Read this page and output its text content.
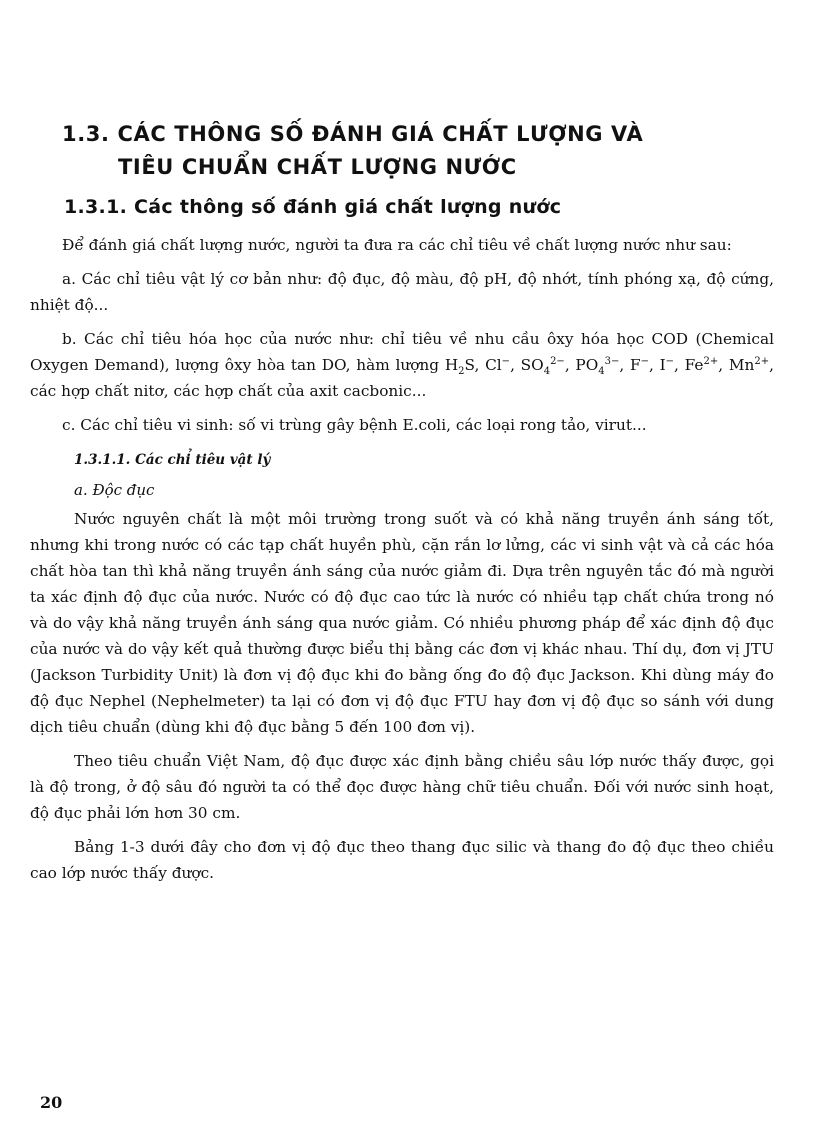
1.3. CÁC THÔNG SỐ ĐÁNH GIÁ CHẤT LƯỢNG VÀ
TIÊU CHUẨN CHẤT LƯỢNG NƯỚC
1.3.1. Các thông số đánh giá chất lượng nước

Để đánh giá chất lượng nước, người ta đưa ra các chỉ tiêu về chất lượng nước như sau:

a. Các chỉ tiêu vật lý cơ bản như: độ đục, độ màu, độ pH, độ nhớt, tính phóng xạ, độ cứng, nhiệt độ...

b. Các chỉ tiêu hóa học của nước như: chỉ tiêu về nhu cầu ôxy hóa học COD (Chemical Oxygen Demand), lượng ôxy hòa tan DO, hàm lượng $H_2S$, Cl−, $SO_4^{2-}$, $PO_4^{3-}$, F−, I−, $Fe^{2+}$, $Mn^{2+}$, các hợp chất nitơ, các hợp chất của axit cacbonic...

c. Các chỉ tiêu vi sinh: số vi trùng gây bệnh E.coli, các loại rong tảo, virut...

1.3.1.1. Các chỉ tiêu vật lý
a. Độc đục

Nước nguyên chất là một môi trường trong suốt và có khả năng truyền ánh sáng tốt, nhưng khi trong nước có các tạp chất huyền phù, cặn rắn lơ lửng, các vi sinh vật và cả các hóa chất hòa tan thì khả năng truyền ánh sáng của nước giảm đi. Dựa trên nguyên tắc đó mà người ta xác định độ đục của nước. Nước có độ đục cao tức là nước có nhiều tạp chất chứa trong nó và do vậy khả năng truyền ánh sáng qua nước giảm. Có nhiều phương pháp để xác định độ đục của nước và do vậy kết quả thường được biểu thị bằng các đơn vị khác nhau. Thí dụ, đơn vị JTU (Jackson Turbidity Unit) là đơn vị độ đục khi đo bằng ống đo độ đục Jackson. Khi dùng máy đo độ đục Nephel (Nephelmeter) ta lại có đơn vị độ đục FTU hay đơn vị độ đục so sánh với dung dịch tiêu chuẩn (dùng khi độ đục bằng 5 đến 100 đơn vị).

Theo tiêu chuẩn Việt Nam, độ đục được xác định bằng chiều sâu lớp nước thấy được, gọi là độ trong, ở độ sâu đó người ta có thể đọc được hàng chữ tiêu chuẩn. Đối với nước sinh hoạt, độ đục phải lớn hơn 30 cm.

Bảng 1-3 dưới đây cho đơn vị độ đục theo thang đục silic và thang đo độ đục theo chiều cao lớp nước thấy được.

20
